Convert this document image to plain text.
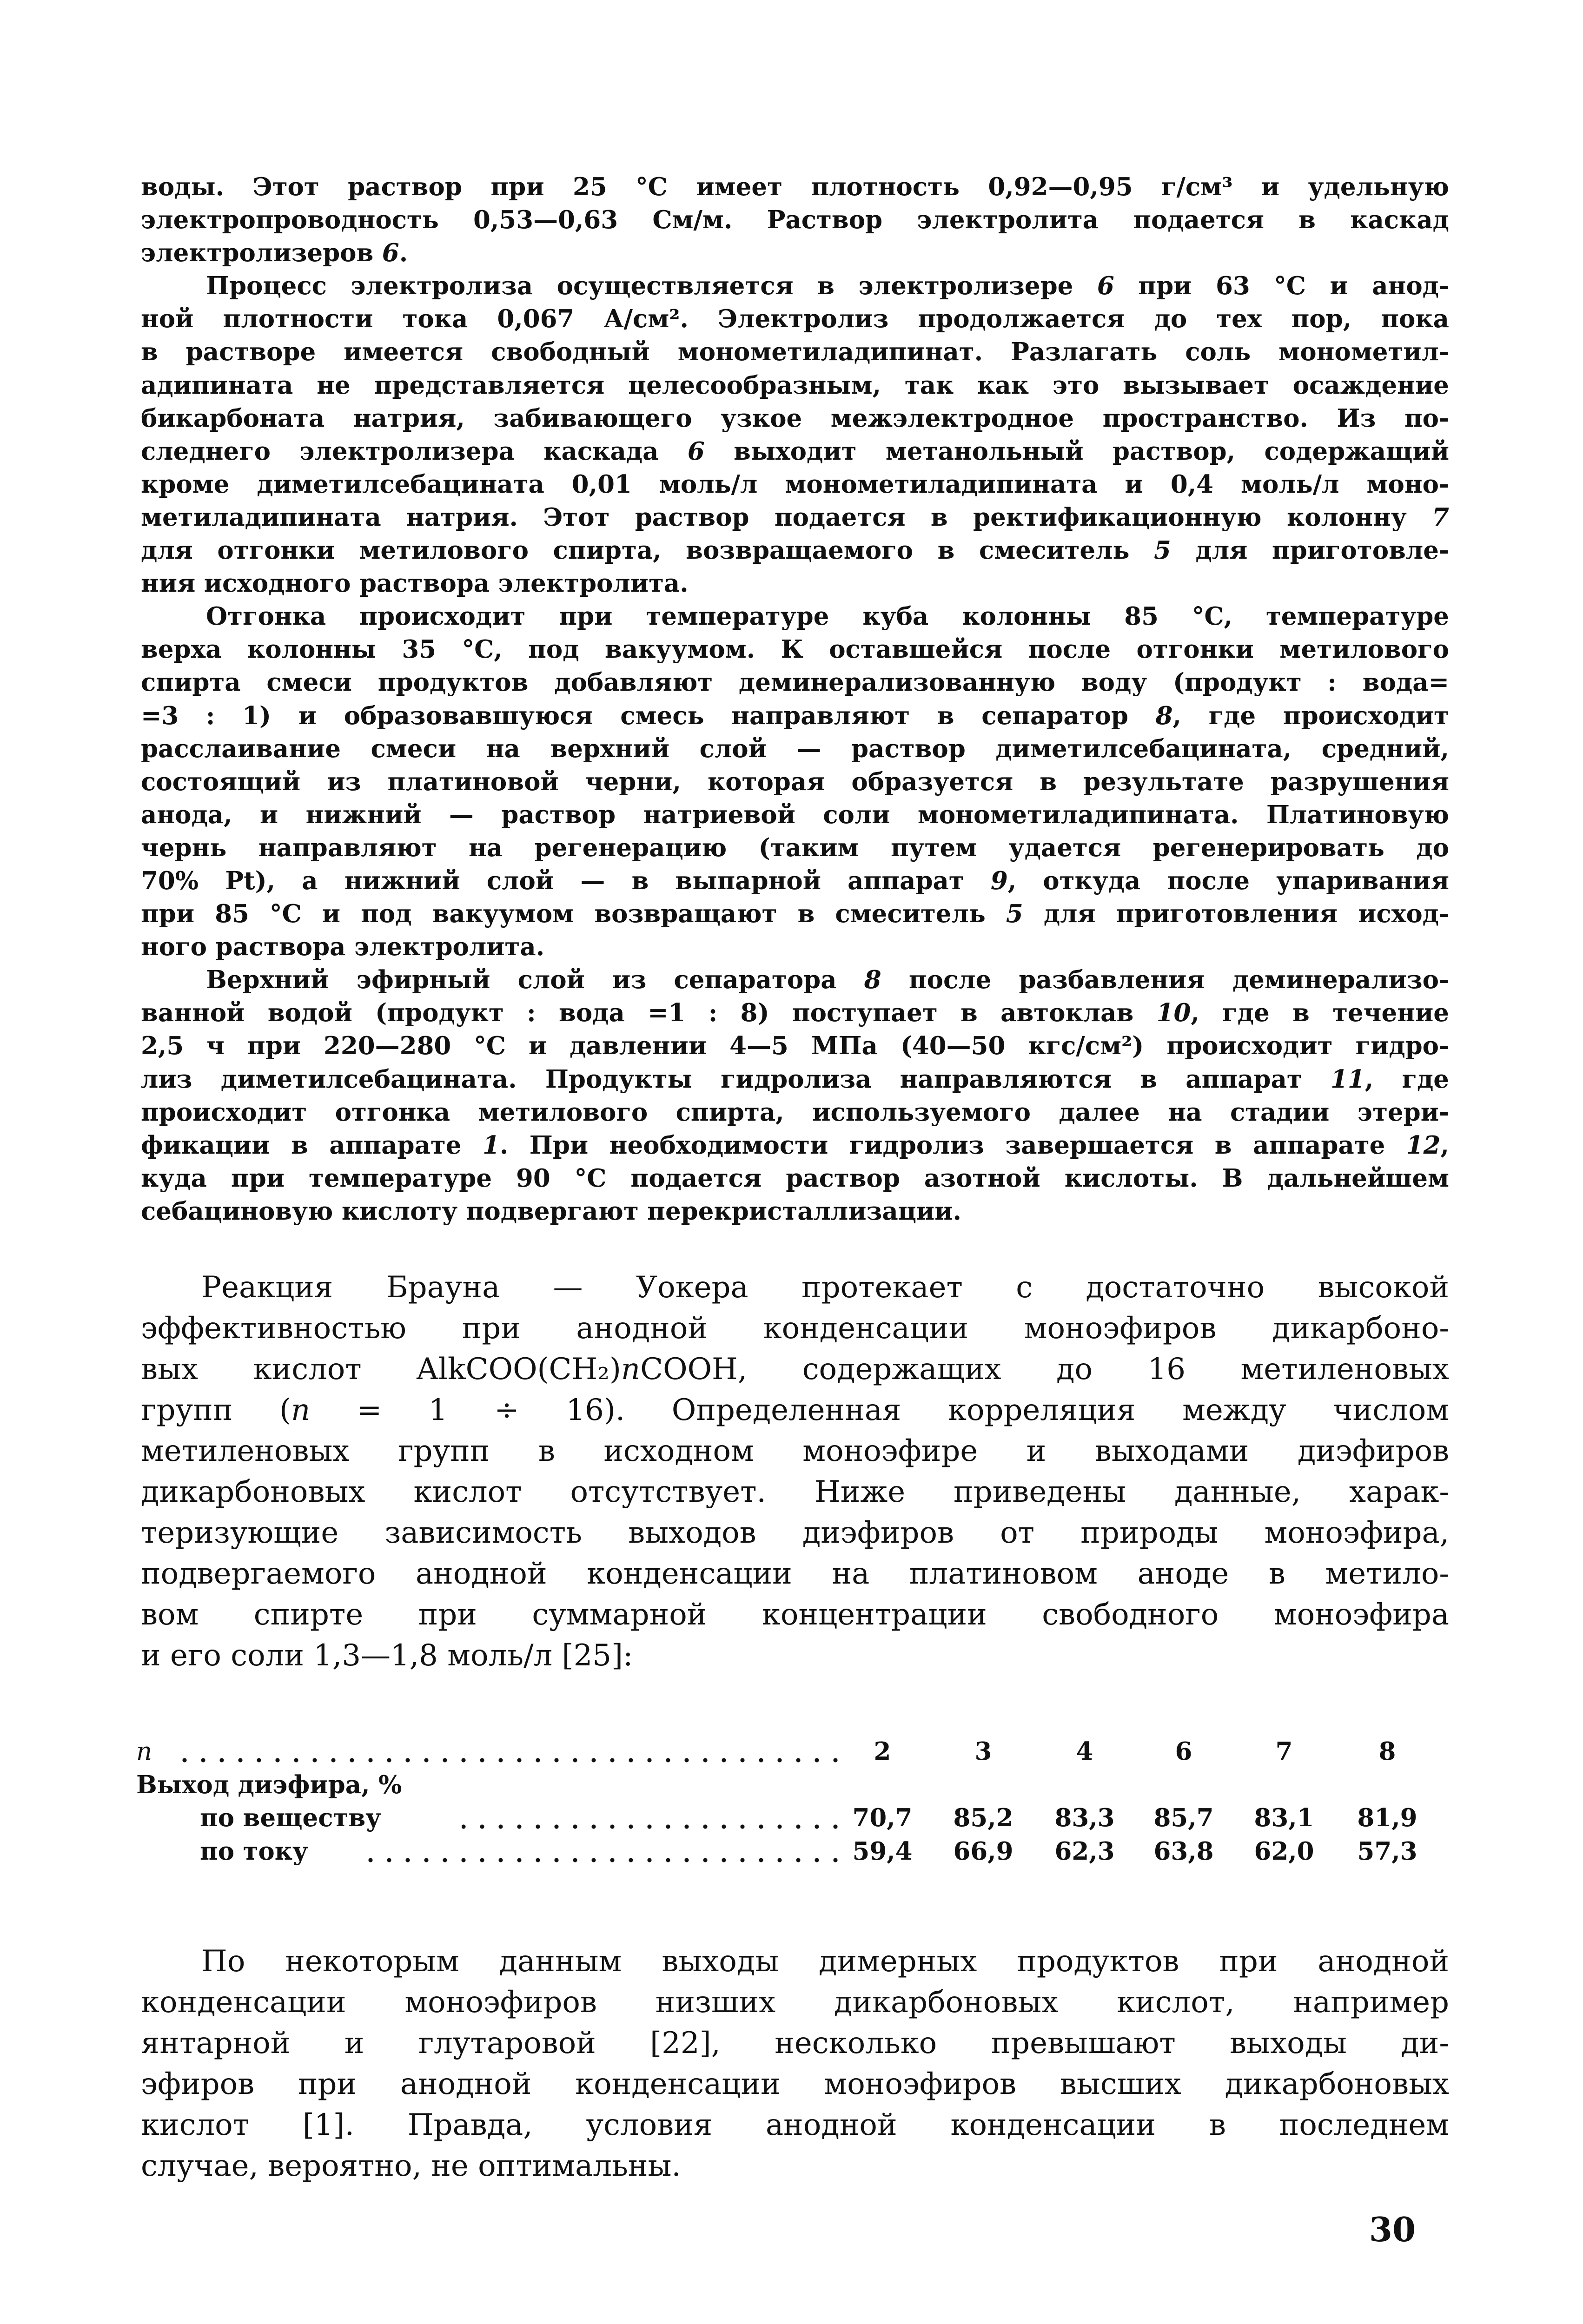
воды. Этот раствор при 25 °С имеет плотность 0,92—0,95 г/см³ и удельную
электропроводность 0,53—0,63 См/м. Раствор электролита подается в каскад
электролизеров 6.
Процесс электролиза осуществляется в электролизере 6 при 63 °С и анод-
ной плотности тока 0,067 А/см². Электролиз продолжается до тех пор, пока
в растворе имеется свободный монометиладипинат. Разлагать соль монометил-
адипината не представляется целесообразным, так как это вызывает осаждение
бикарбоната натрия, забивающего узкое межэлектродное пространство. Из по-
следнего электролизера каскада 6 выходит метанольный раствор, содержащий
кроме диметилсебацината 0,01 моль/л монометиладипината и 0,4 моль/л моно-
метиладипината натрия. Этот раствор подается в ректификационную колонну 7
для отгонки метилового спирта, возвращаемого в смеситель 5 для приготовле-
ния исходного раствора электролита.
Отгонка происходит при температуре куба колонны 85 °С, температуре
верха колонны 35 °С, под вакуумом. К оставшейся после отгонки метилового
спирта смеси продуктов добавляют деминерализованную воду (продукт : вода=
=3 : 1) и образовавшуюся смесь направляют в сепаратор 8, где происходит
расслаивание смеси на верхний слой — раствор диметилсебацината, средний,
состоящий из платиновой черни, которая образуется в результате разрушения
анода, и нижний — раствор натриевой соли монометиладипината. Платиновую
чернь направляют на регенерацию (таким путем удается регенерировать до
70% Pt), а нижний слой — в выпарной аппарат 9, откуда после упаривания
при 85 °С и под вакуумом возвращают в смеситель 5 для приготовления исход-
ного раствора электролита.
Верхний эфирный слой из сепаратора 8 после разбавления деминерализо-
ванной водой (продукт : вода =1 : 8) поступает в автоклав 10, где в течение
2,5 ч при 220—280 °С и давлении 4—5 МПа (40—50 кгс/см²) происходит гидро-
лиз диметилсебацината. Продукты гидролиза направляются в аппарат 11, где
происходит отгонка метилового спирта, используемого далее на стадии этери-
фикации в аппарате 1. При необходимости гидролиз завершается в аппарате 12,
куда при температуре 90 °С подается раствор азотной кислоты. В дальнейшем
себациновую кислоту подвергают перекристаллизации.
Реакция Брауна — Уокера протекает с достаточно высокой
эффективностью при анодной конденсации моноэфиров дикарбоно-
вых кислот AlkCOO(CH₂)nCOOH, содержащих до 16 метиленовых
групп (n = 1 ÷ 16). Определенная корреляция между числом
метиленовых групп в исходном моноэфире и выходами диэфиров
дикарбоновых кислот отсутствует. Ниже приведены данные, харак-
теризующие зависимость выходов диэфиров от природы моноэфира,
подвергаемого анодной конденсации на платиновом аноде в метило-
вом спирте при суммарной концентрации свободного моноэфира
и его соли 1,3—1,8 моль/л [25]:
n	2	3	4	6	7	8
Выход диэфира, %
по веществу	70,7 85,2 83,3 85,7 83,1 81,9
по току	59,4 66,9 62,3 63,8 62,0 57,3
По некоторым данным выходы димерных продуктов при анодной
конденсации моноэфиров низших дикарбоновых кислот, например
янтарной и глутаровой [22], несколько превышают выходы ди-
эфиров при анодной конденсации моноэфиров высших дикарбоновых
кислот [1]. Правда, условия анодной конденсации в последнем
случае, вероятно, не оптимальны.
30
